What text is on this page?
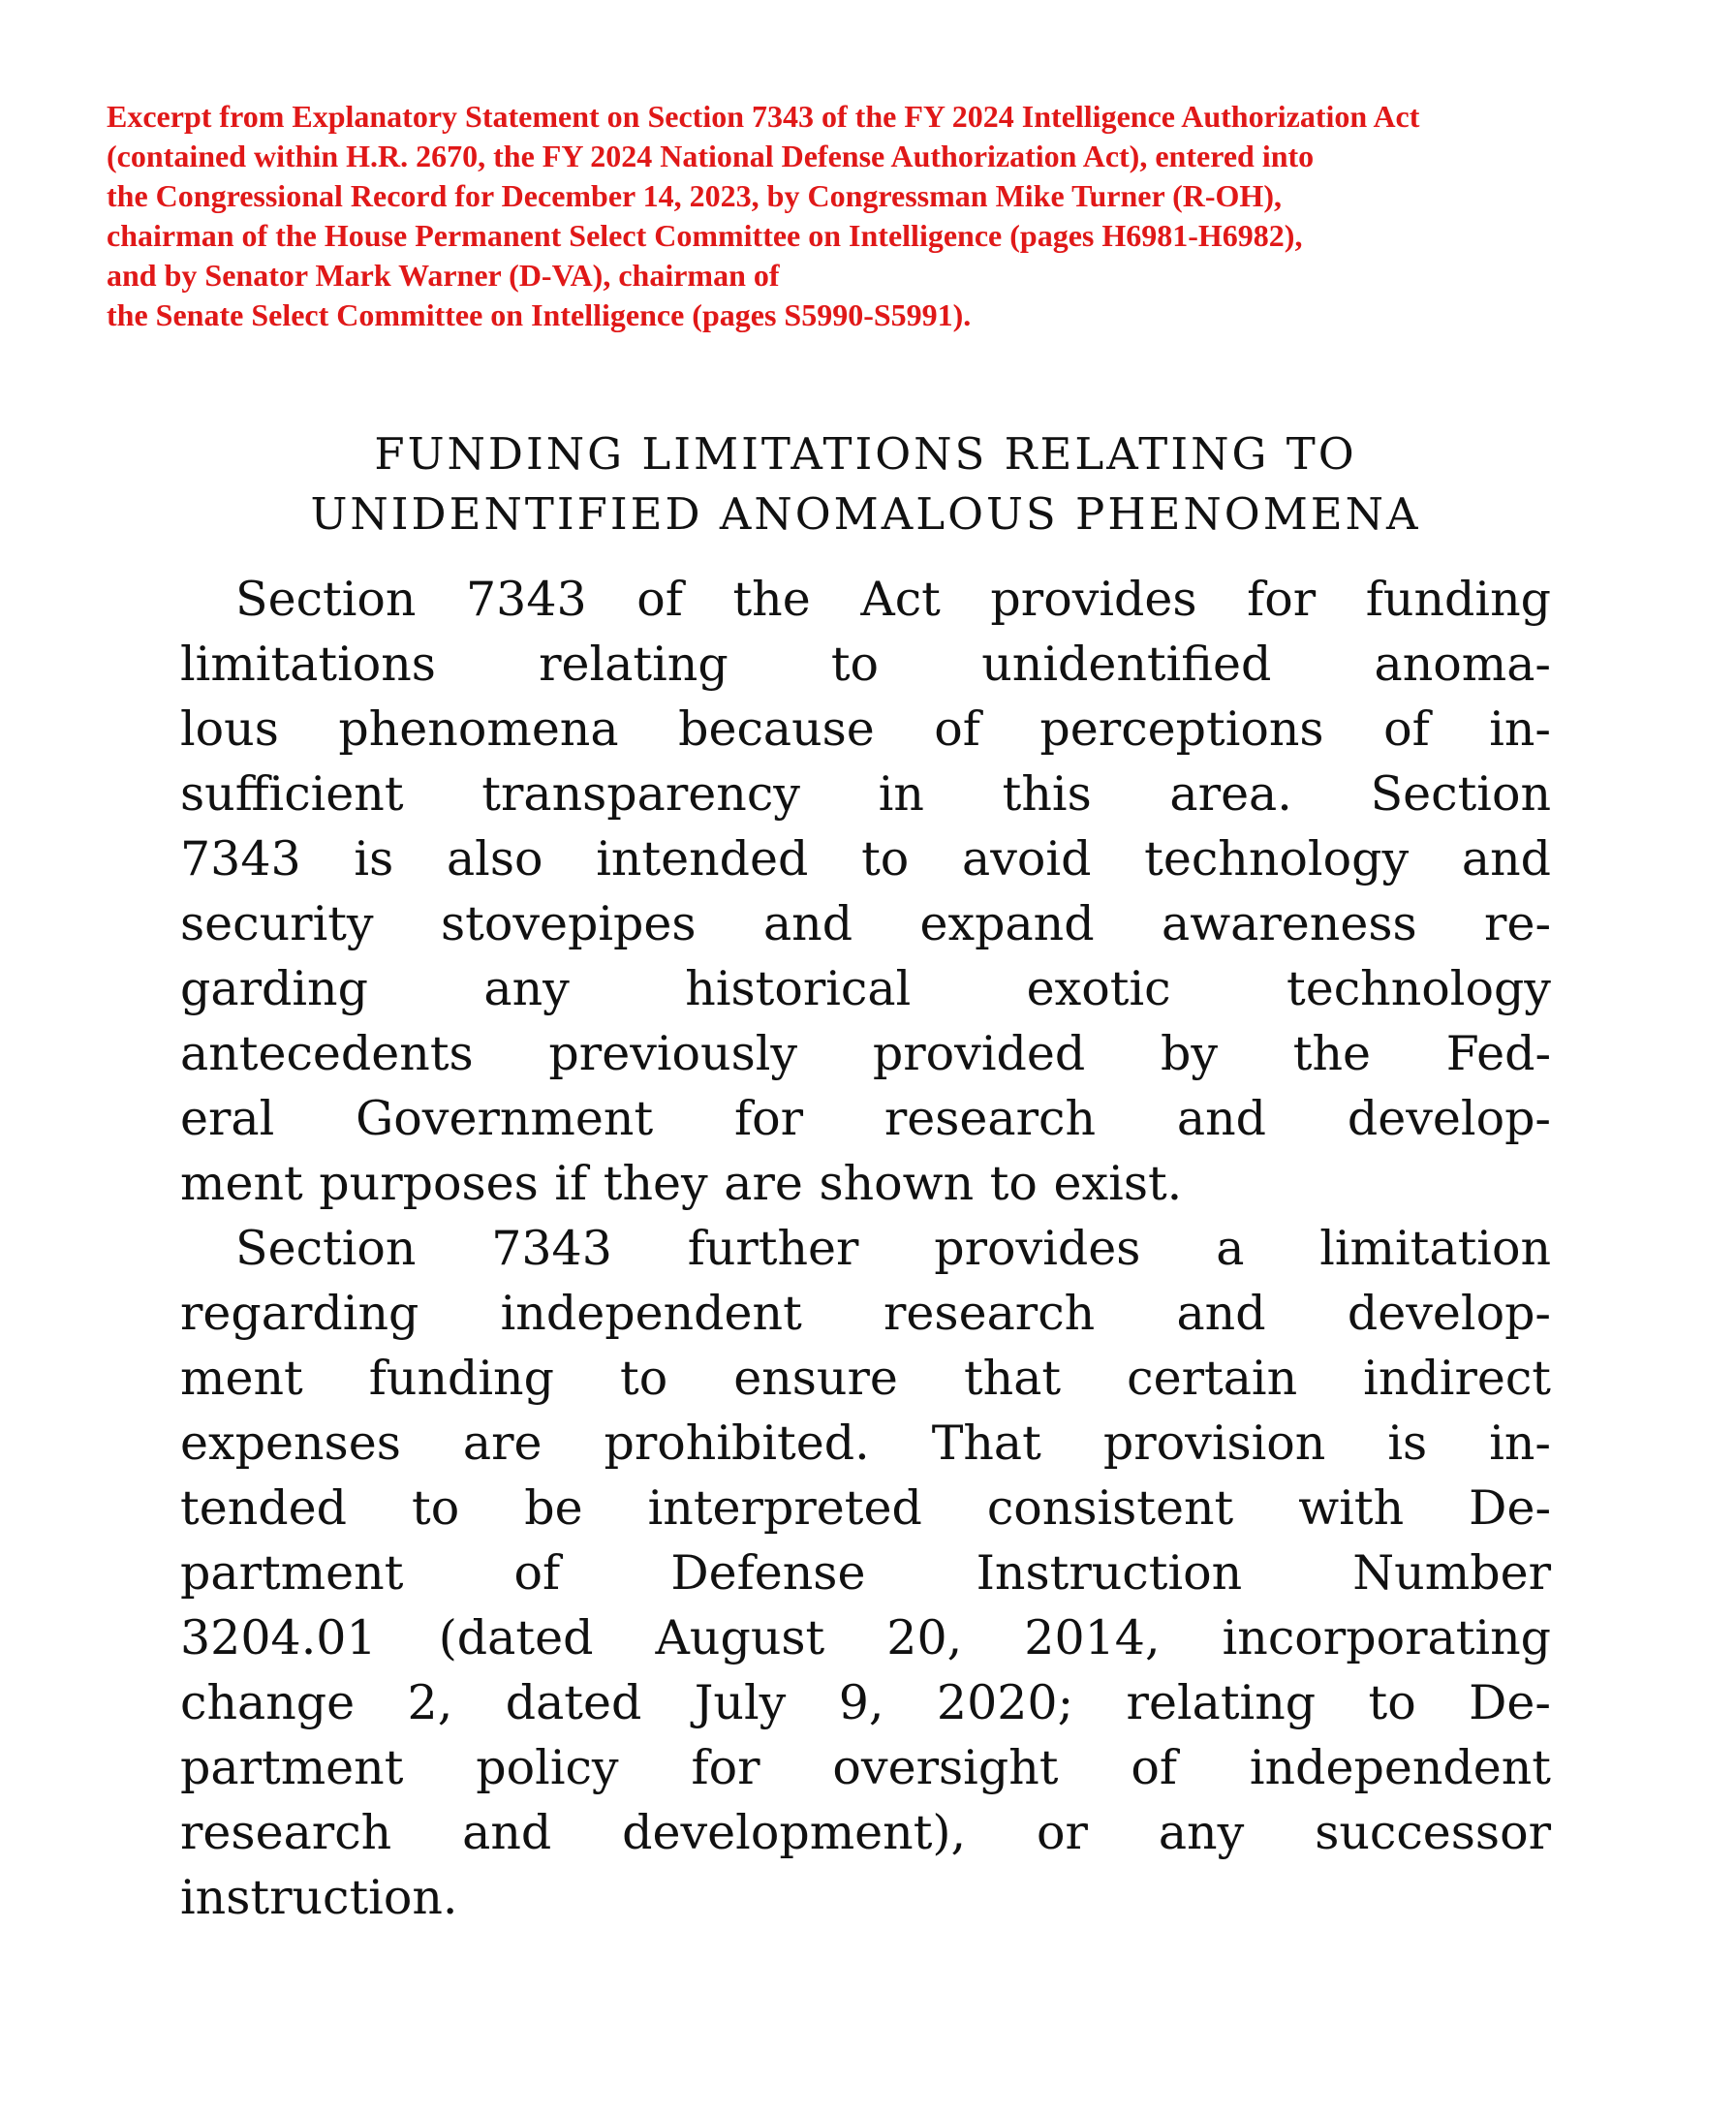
Excerpt from Explanatory Statement on Section 7343 of the FY 2024 Intelligence Authorization Act
(contained within H.R. 2670, the FY 2024 National Defense Authorization Act), entered into
the Congressional Record for December 14, 2023, by Congressman Mike Turner (R-OH),
chairman of the House Permanent Select Committee on Intelligence (pages H6981-H6982),
and by Senator Mark Warner (D-VA), chairman of
the Senate Select Committee on Intelligence (pages S5990-S5991).
FUNDING LIMITATIONS RELATING TO
UNIDENTIFIED ANOMALOUS PHENOMENA
Section 7343 of the Act provides for funding
limitations relating to unidentified anoma-
lous phenomena because of perceptions of in-
sufficient transparency in this area. Section
7343 is also intended to avoid technology and
security stovepipes and expand awareness re-
garding any historical exotic technology
antecedents previously provided by the Fed-
eral Government for research and develop-
ment purposes if they are shown to exist.
Section 7343 further provides a limitation
regarding independent research and develop-
ment funding to ensure that certain indirect
expenses are prohibited. That provision is in-
tended to be interpreted consistent with De-
partment of Defense Instruction Number
3204.01 (dated August 20, 2014, incorporating
change 2, dated July 9, 2020; relating to De-
partment policy for oversight of independent
research and development), or any successor
instruction.
